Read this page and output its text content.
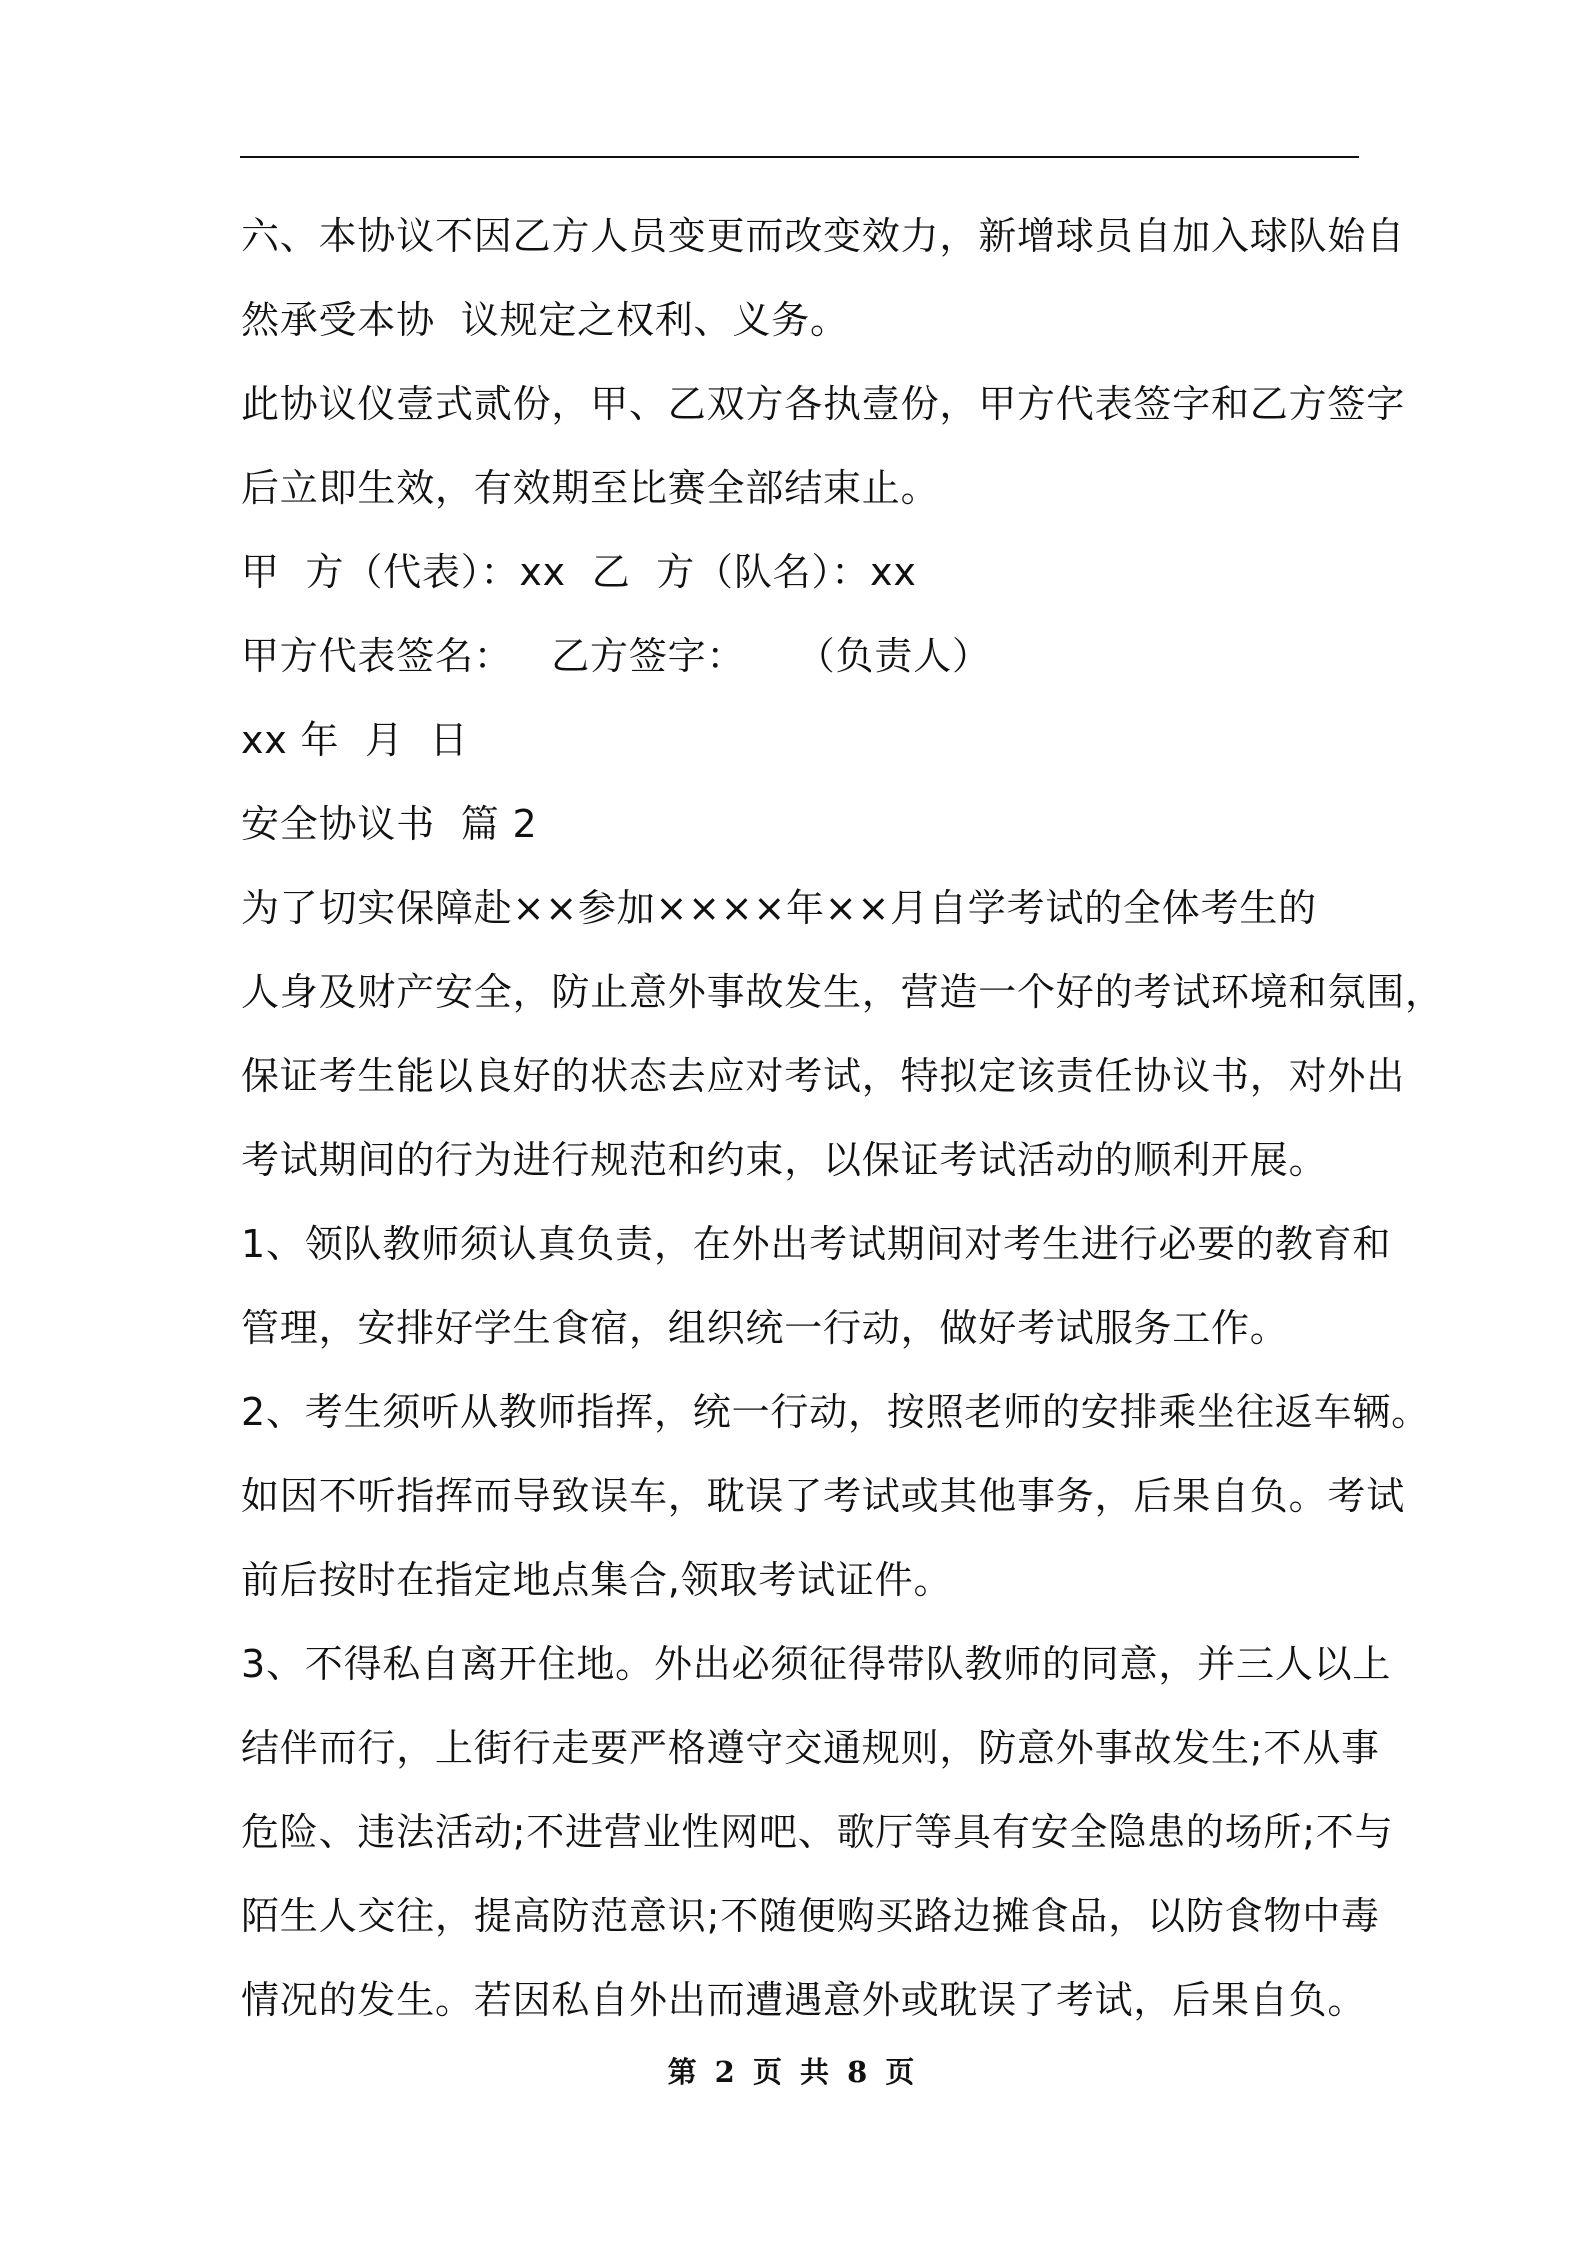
六、本协议不因乙方人员变更而改变效力，新增球员自加入球队始自
然承受本协  议规定之权利、义务。
此协议仪壹式贰份，甲、乙双方各执壹份，甲方代表签字和乙方签字
后立即生效，有效期至比赛全部结束止。
甲  方（代表）：xx  乙  方（队名）：xx
甲方代表签名：   乙方签字：    （负责人）
xx 年  月  日
安全协议书  篇 2
为了切实保障赴××参加××××年××月自学考试的全体考生的
人身及财产安全，防止意外事故发生，营造一个好的考试环境和氛围，
保证考生能以良好的状态去应对考试，特拟定该责任协议书，对外出
考试期间的行为进行规范和约束，以保证考试活动的顺利开展。
1、领队教师须认真负责，在外出考试期间对考生进行必要的教育和
管理，安排好学生食宿，组织统一行动，做好考试服务工作。
2、考生须听从教师指挥，统一行动，按照老师的安排乘坐往返车辆。
如因不听指挥而导致误车，耽误了考试或其他事务，后果自负。考试
前后按时在指定地点集合,领取考试证件。
3、不得私自离开住地。外出必须征得带队教师的同意，并三人以上
结伴而行，上街行走要严格遵守交通规则，防意外事故发生;不从事
危险、违法活动;不进营业性网吧、歌厅等具有安全隐患的场所;不与
陌生人交往，提高防范意识;不随便购买路边摊食品，以防食物中毒
情况的发生。若因私自外出而遭遇意外或耽误了考试，后果自负。
第 2 页 共 8 页
